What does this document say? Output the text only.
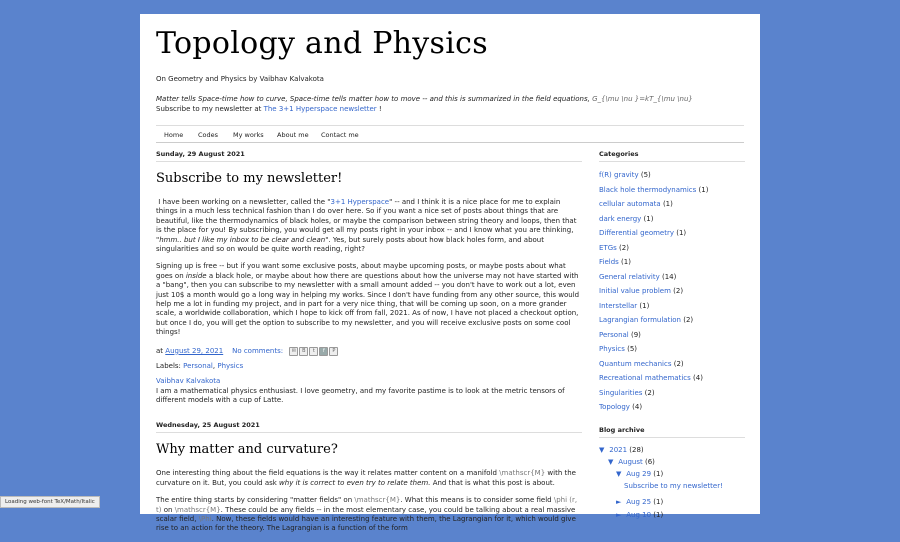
Topology and Physics
On Geometry and Physics by Vaibhav Kalvakota
Matter tells Space-time how to curve, Space-time tells matter how to move -- and this is summarized in the field equations, G_{\mu \nu }=kT_{\mu \nu}
Subscribe to my newsletter at The 3+1 Hyperspace newsletter !
Home Codes My works About me Contact me
Sunday, 29 August 2021
Subscribe to my newsletter!

I have been working on a newsletter, called the "3+1 Hyperspace" -- and I think it is a nice place for me to explain things in a much less technical fashion than I do over here. So if you want a nice set of posts about things that are beautiful, like the thermodynamics of black holes, or maybe the comparison between string theory and loops, then that is the place for you! By subscribing, you would get all my posts right in your inbox -- and I know what you are thinking, "hmm.. but I like my inbox to be clear and clean". Yes, but surely posts about how black holes form, and about singularities and so on would be quite worth reading, right?

Signing up is free -- but if you want some exclusive posts, about maybe upcoming posts, or maybe posts about what goes on inside a black hole, or maybe about how there are questions about how the universe may not have started with a "bang", then you can subscribe to my newsletter with a small amount added -- you don't have to work out a lot, even just 10$ a month would go a long way in helping my works. Since I don't have funding from any other source, this would help me a lot in funding my project, and in part for a very nice thing, that will be coming up soon, on a more grander scale, a worldwide collaboration, which I hope to kick off from fall, 2021. As of now, I have not placed a checkout option, but once I do, you will get the option to subscribe to my newsletter, and you will receive exclusive posts on some cool things!

at August 29, 2021 No comments: ✉ B t f P
Labels: Personal, Physics
Vaibhav Kalvakota
I am a mathematical physics enthusiast. I love geometry, and my favorite pastime is to look at the metric tensors of different models with a cup of Latte.
Wednesday, 25 August 2021
Why matter and curvature?

One interesting thing about the field equations is the way it relates matter content on a manifold \mathscr{M} with the curvature on it. But, you could ask why it is correct to even try to relate them. And that is what this post is about.

The entire thing starts by considering "matter fields" on \mathscr{M}. What this means is to consider some field \phi (r, t) on \mathscr{M}. These could be any fields -- in the most elementary case, you could be talking about a real massive scalar field, \Phi. Now, these fields would have an interesting feature with them, the Lagrangian for it, which would give rise to an action for the theory. The Lagrangian is a function of the form

Categories
f(R) gravity (5)
Black hole thermodynamics (1)
cellular automata (1)
dark energy (1)
Differential geometry (1)
ETGs (2)
Fields (1)
General relativity (14)
Initial value problem (2)
Interstellar (1)
Lagrangian formulation (2)
Personal (9)
Physics (5)
Quantum mechanics (2)
Recreational mathematics (4)
Singularities (2)
Topology (4)
Blog archive
▼ 2021 (28)
▼ August (6)
▼ Aug 29 (1)
Subscribe to my newsletter!
► Aug 25 (1)
► Aug 10 (1)
Loading web-font TeX/Math/Italic
